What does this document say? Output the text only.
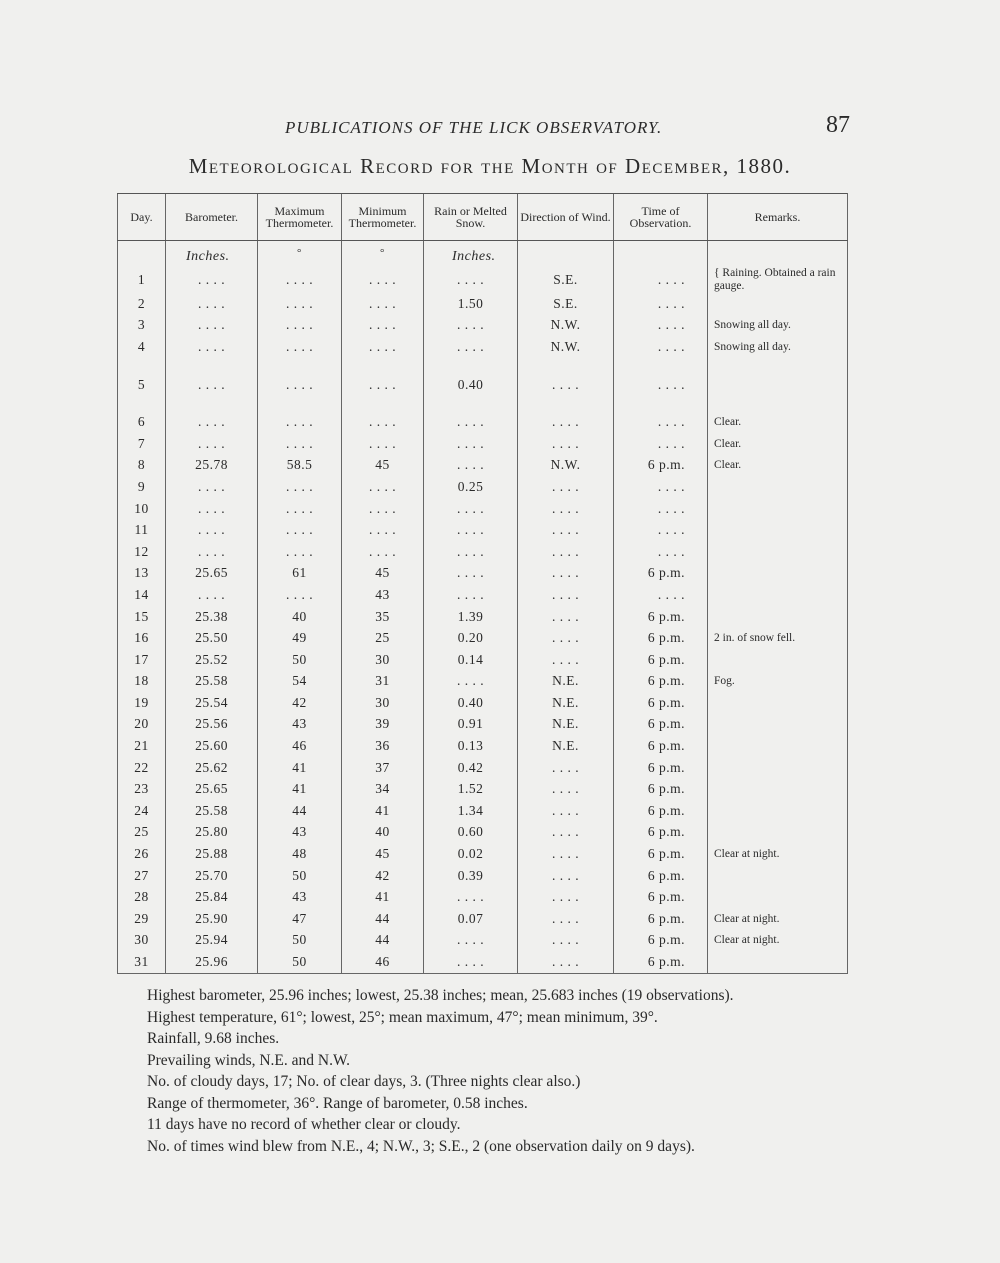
PUBLICATIONS OF THE LICK OBSERVATORY.	87
Meteorological Record for the Month of December, 1880.
Day.	Barometer.	Maximum Thermometer.	Minimum Thermometer.	Rain or Melted Snow.	Direction of Wind.	Time of Observation.	Remarks.
	Inches.	°	°	Inches.			
1	. . . .	. . . .	. . . .	. . . .	S.E.	. . . .	{ Raining. Obtained a rain gauge.
2	. . . .	. . . .	. . . .	1.50	S.E.	. . . .	
3	. . . .	. . . .	. . . .	. . . .	N.W.	. . . .	Snowing all day.
4	. . . .	. . . .	. . . .	. . . .	N.W.	. . . .	Snowing all day.

5	. . . .	. . . .	. . . .	0.40	. . . .	. . . .	

6	. . . .	. . . .	. . . .	. . . .	. . . .	. . . .	Clear.
7	. . . .	. . . .	. . . .	. . . .	. . . .	. . . .	Clear.
8	25.78	58.5	45	. . . .	N.W.	6 p.m.	Clear.
9	. . . .	. . . .	. . . .	0.25	. . . .	. . . .	
10	. . . .	. . . .	. . . .	. . . .	. . . .	. . . .	
11	. . . .	. . . .	. . . .	. . . .	. . . .	. . . .	
12	. . . .	. . . .	. . . .	. . . .	. . . .	. . . .	
13	25.65	61	45	. . . .	. . . .	6 p.m.	
14	. . . .	. . . .	43	. . . .	. . . .	. . . .	
15	25.38	40	35	1.39	. . . .	6 p.m.	
16	25.50	49	25	0.20	. . . .	6 p.m.	2 in. of snow fell.
17	25.52	50	30	0.14	. . . .	6 p.m.	
18	25.58	54	31	. . . .	N.E.	6 p.m.	Fog.
19	25.54	42	30	0.40	N.E.	6 p.m.	
20	25.56	43	39	0.91	N.E.	6 p.m.	
21	25.60	46	36	0.13	N.E.	6 p.m.	
22	25.62	41	37	0.42	. . . .	6 p.m.	
23	25.65	41	34	1.52	. . . .	6 p.m.	
24	25.58	44	41	1.34	. . . .	6 p.m.	
25	25.80	43	40	0.60	. . . .	6 p.m.	
26	25.88	48	45	0.02	. . . .	6 p.m.	Clear at night.
27	25.70	50	42	0.39	. . . .	6 p.m.	
28	25.84	43	41	. . . .	. . . .	6 p.m.	
29	25.90	47	44	0.07	. . . .	6 p.m.	Clear at night.
30	25.94	50	44	. . . .	. . . .	6 p.m.	Clear at night.
31	25.96	50	46	. . . .	. . . .	6 p.m.	
Highest barometer, 25.96 inches; lowest, 25.38 inches; mean, 25.683 inches (19 observations).
Highest temperature, 61°; lowest, 25°; mean maximum, 47°; mean minimum, 39°.
Rainfall, 9.68 inches.
Prevailing winds, N.E. and N.W.
No. of cloudy days, 17; No. of clear days, 3. (Three nights clear also.)
Range of thermometer, 36°. Range of barometer, 0.58 inches.
11 days have no record of whether clear or cloudy.
No. of times wind blew from N.E., 4; N.W., 3; S.E., 2 (one observation daily on 9 days).
